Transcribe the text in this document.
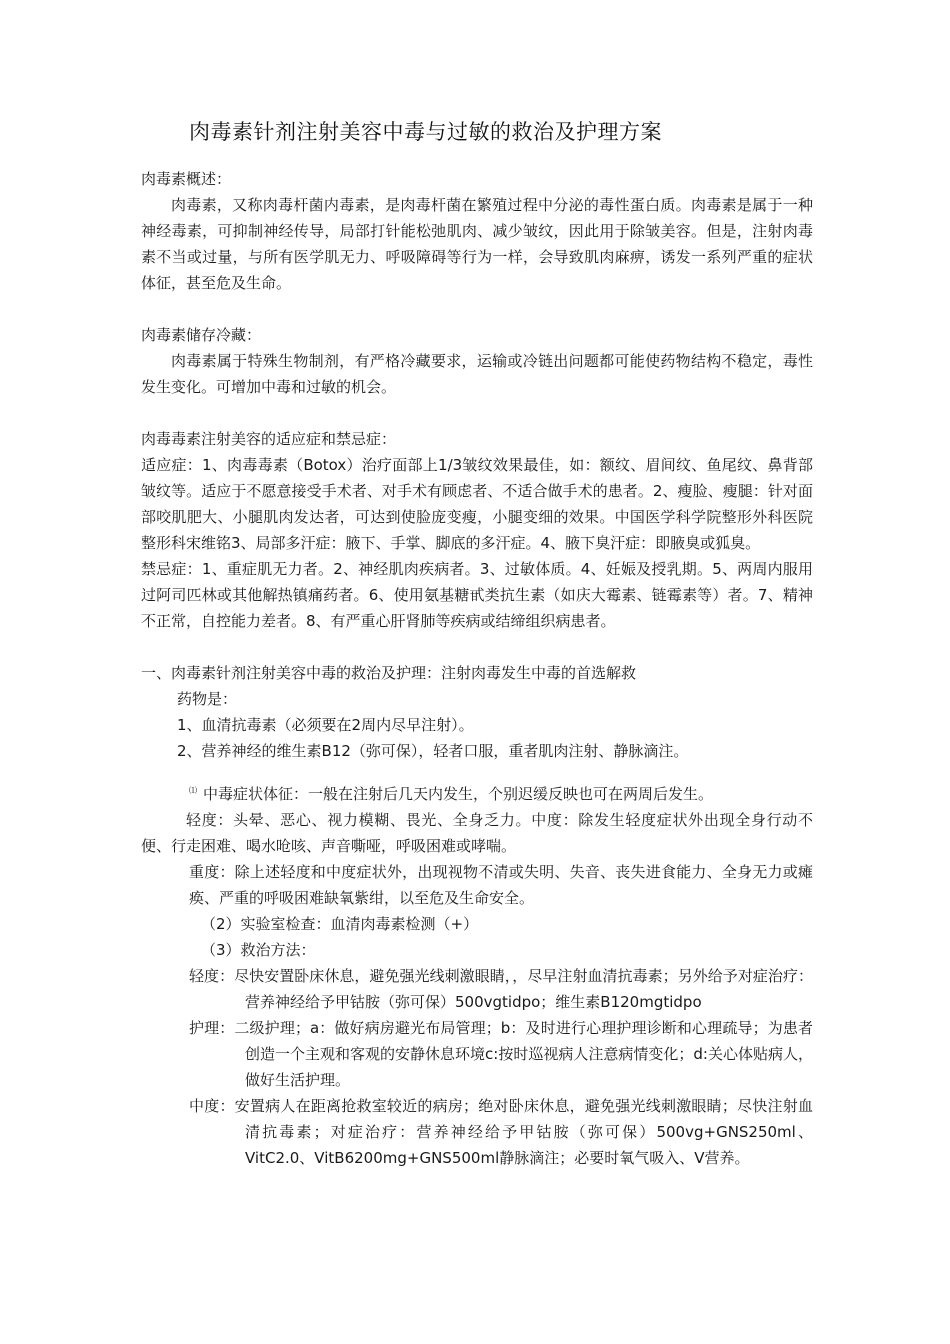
肉毒素针剂注射美容中毒与过敏的救治及护理方案

肉毒素概述：

肉毒素，又称肉毒杆菌内毒素，是肉毒杆菌在繁殖过程中分泌的毒性蛋白质。肉毒素是属于一种神经毒素，可抑制神经传导，局部打针能松弛肌肉、减少皱纹，因此用于除皱美容。但是，注射肉毒素不当或过量，与所有医学肌无力、呼吸障碍等行为一样，会导致肌肉麻痹，诱发一系列严重的症状体征，甚至危及生命。

肉毒素储存冷藏：

肉毒素属于特殊生物制剂，有严格冷藏要求，运输或冷链出问题都可能使药物结构不稳定，毒性发生变化。可增加中毒和过敏的机会。

肉毒毒素注射美容的适应症和禁忌症：

适应症：1、肉毒毒素（Botox）治疗面部上1/3皱纹效果最佳，如：额纹、眉间纹、鱼尾纹、鼻背部皱纹等。适应于不愿意接受手术者、对手术有顾虑者、不适合做手术的患者。2、瘦脸、瘦腿：针对面部咬肌肥大、小腿肌肉发达者，可达到使脸庞变瘦，小腿变细的效果。中国医学科学院整形外科医院整形科宋维铭3、局部多汗症：腋下、手掌、脚底的多汗症。4、腋下臭汗症：即腋臭或狐臭。

禁忌症：1、重症肌无力者。2、神经肌肉疾病者。3、过敏体质。4、妊娠及授乳期。5、两周内服用过阿司匹林或其他解热镇痛药者。6、使用氨基糖甙类抗生素（如庆大霉素、链霉素等）者。7、精神不正常，自控能力差者。8、有严重心肝肾肺等疾病或结缔组织病患者。

一、肉毒素针剂注射美容中毒的救治及护理：注射肉毒发生中毒的首选解救

药物是：

1、血清抗毒素（必须要在2周内尽早注射）。

2、营养神经的维生素B12（弥可保），轻者口服，重者肌肉注射、静脉滴注。

⑴ 中毒症状体征：一般在注射后几天内发生，个别迟缓反映也可在两周后发生。

轻度：头晕、恶心、视力模糊、畏光、全身乏力。中度：除发生轻度症状外出现全身行动不便、行走困难、喝水呛咳、声音嘶哑，呼吸困难或哮喘。

重度：除上述轻度和中度症状外，出现视物不清或失明、失音、丧失进食能力、全身无力或瘫痪、严重的呼吸困难缺氧紫绀，以至危及生命安全。

（2）实验室检查：血清肉毒素检测（+）

（3）救治方法：

轻度：尽快安置卧床休息，避免强光线刺激眼睛，，尽早注射血清抗毒素；另外给予对症治疗：营养神经给予甲钴胺（弥可保）500vgtidpo；维生素B120mgtidpo

护理：二级护理；a：做好病房避光布局管理；b：及时进行心理护理诊断和心理疏导；为患者创造一个主观和客观的安静休息环境c:按时巡视病人注意病情变化；d:关心体贴病人，做好生活护理。

中度：安置病人在距离抢救室较近的病房；绝对卧床休息，避免强光线刺激眼睛；尽快注射血清抗毒素；对症治疗：营养神经给予甲钴胺（弥可保）500vg+GNS250ml、VitC2.0、VitB6200mg+GNS500ml静脉滴注；必要时氧气吸入、V营养。
